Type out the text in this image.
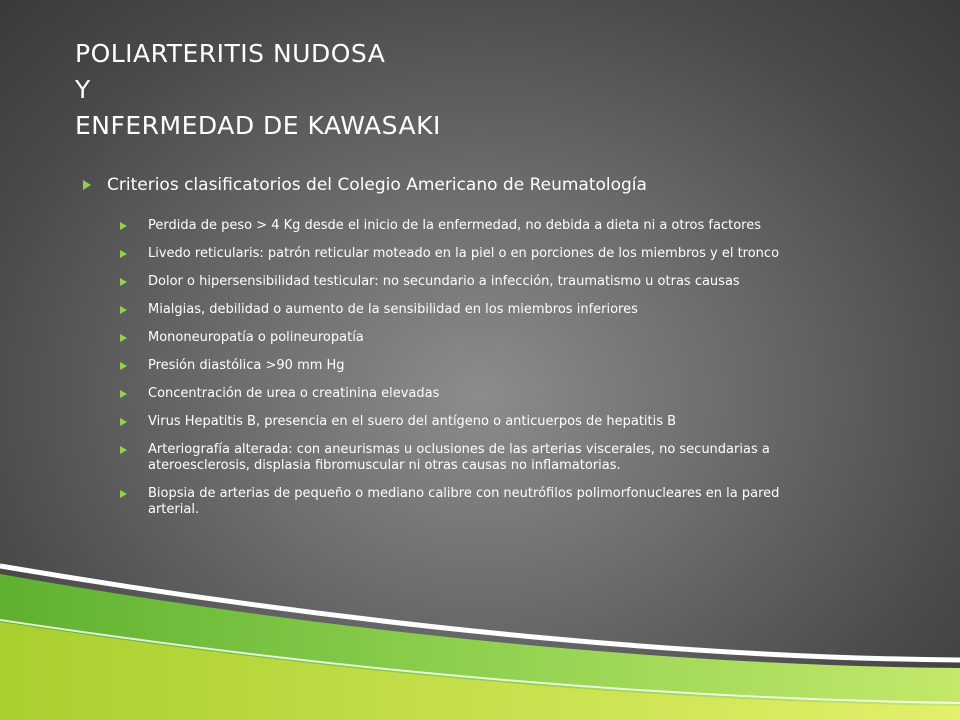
POLIARTERITIS NUDOSA
Y
ENFERMEDAD DE KAWASAKI
Criterios clasificatorios del Colegio Americano de Reumatología
Perdida de peso > 4 Kg desde el inicio de la enfermedad, no debida a dieta ni a otros factores
Livedo reticularis: patrón reticular moteado en la piel o en porciones de los miembros y el tronco
Dolor o hipersensibilidad testicular: no secundario a infección, traumatismo u otras causas
Mialgias, debilidad o aumento de la sensibilidad en los miembros inferiores
Mononeuropatía o polineuropatía
Presión diastólica >90 mm Hg
Concentración de urea o creatinina elevadas
Virus Hepatitis B, presencia en el suero del antígeno o anticuerpos de hepatitis B
Arteriografía alterada: con aneurismas u oclusiones de las arterias viscerales, no secundarias a ateroesclerosis, displasia fibromuscular ni otras causas no inflamatorias.
Biopsia de arterias de pequeño o mediano calibre con neutrófilos polimorfonucleares en la pared arterial.
